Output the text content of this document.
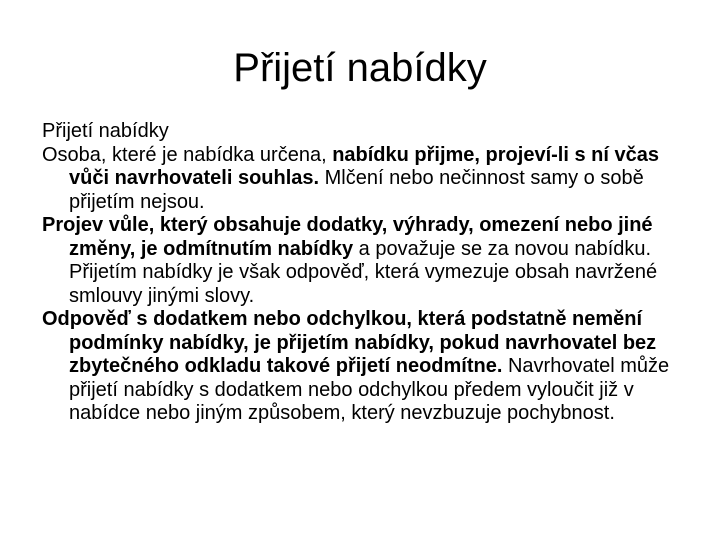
Přijetí nabídky

Přijetí nabídky

Osoba, které je nabídka určena, nabídku přijme, projeví-li s ní včas vůči navrhovateli souhlas. Mlčení nebo nečinnost samy o sobě přijetím nejsou.

Projev vůle, který obsahuje dodatky, výhrady, omezení nebo jiné změny, je odmítnutím nabídky a považuje se za novou nabídku. Přijetím nabídky je však odpověď, která vymezuje obsah navržené smlouvy jinými slovy.

Odpověď s dodatkem nebo odchylkou, která podstatně nemění podmínky nabídky, je přijetím nabídky, pokud navrhovatel bez zbytečného odkladu takové přijetí neodmítne. Navrhovatel může přijetí nabídky s dodatkem nebo odchylkou předem vyloučit již v nabídce nebo jiným způsobem, který nevzbuzuje pochybnost.
